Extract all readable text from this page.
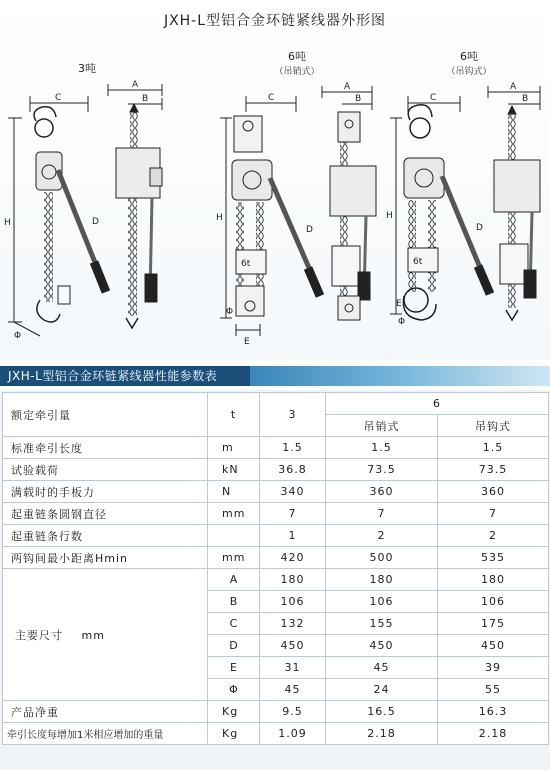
JXH-L型铝合金环链紧线器外形图
3吨
6吨
（吊销式）
6吨
（吊钩式）
C
A
B
H	D
Φ
C
A
B
H
D
6t
E
Φ
C
A
B
H
D
6t
E
Φ
JXH-L型铝合金环链紧线器性能参数表
额定牵引量	t	3	6	
			吊销式	吊钩式
标准牵引长度	m	1.5	1.5	1.5
试验载荷	kN	36.8	73.5	73.5
满载时的手板力	N	340	360	360
起重链条圆钢直径	mm	7	7	7
起重链条行数		1	2	2
两钩间最小距离Hmin	mm	420	500	535
主要尺寸 mm	A	180	180	180
	B	106	106	106
	C	132	155	175
	D	450	450	450
	E	31	45	39
	Φ	45	24	55
产品净重	Kg	9.5	16.5	16.3
牵引长度每增加1米相应增加的重量	Kg	1.09	2.18	2.18
